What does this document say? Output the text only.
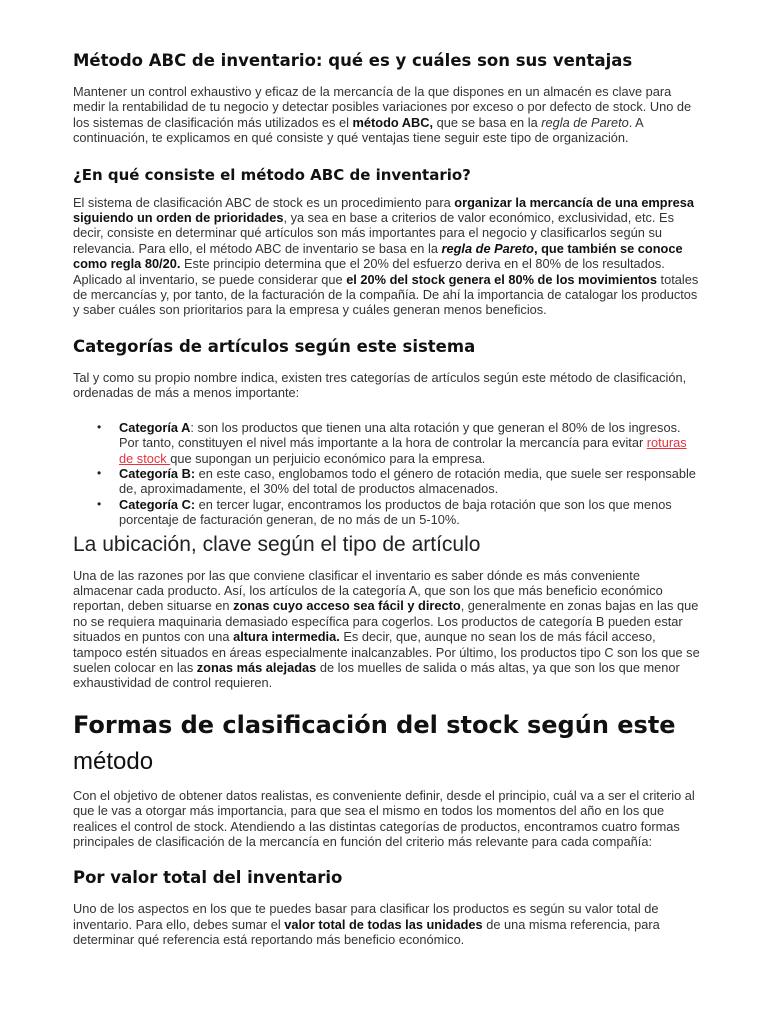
Método ABC de inventario: qué es y cuáles son sus ventajas

Mantener un control exhaustivo y eficaz de la mercancía de la que dispones en un almacén es clave para medir la rentabilidad de tu negocio y detectar posibles variaciones por exceso o por defecto de stock. Uno de los sistemas de clasificación más utilizados es el método ABC, que se basa en la regla de Pareto. A continuación, te explicamos en qué consiste y qué ventajas tiene seguir este tipo de organización.

¿En qué consiste el método ABC de inventario?

El sistema de clasificación ABC de stock es un procedimiento para organizar la mercancía de una empresa siguiendo un orden de prioridades, ya sea en base a criterios de valor económico, exclusividad, etc. Es decir, consiste en determinar qué artículos son más importantes para el negocio y clasificarlos según su relevancia. Para ello, el método ABC de inventario se basa en la regla de Pareto, que también se conoce como regla 80/20. Este principio determina que el 20% del esfuerzo deriva en el 80% de los resultados. Aplicado al inventario, se puede considerar que el 20% del stock genera el 80% de los movimientos totales de mercancías y, por tanto, de la facturación de la compañía. De ahí la importancia de catalogar los productos y saber cuáles son prioritarios para la empresa y cuáles generan menos beneficios.

Categorías de artículos según este sistema

Tal y como su propio nombre indica, existen tres categorías de artículos según este método de clasificación, ordenadas de más a menos importante:

• Categoría A: son los productos que tienen una alta rotación y que generan el 80% de los ingresos. Por tanto, constituyen el nivel más importante a la hora de controlar la mercancía para evitar roturas de stock que supongan un perjuicio económico para la empresa.
• Categoría B: en este caso, englobamos todo el género de rotación media, que suele ser responsable de, aproximadamente, el 30% del total de productos almacenados.
• Categoría C: en tercer lugar, encontramos los productos de baja rotación que son los que menos porcentaje de facturación generan, de no más de un 5-10%.
La ubicación, clave según el tipo de artículo

Una de las razones por las que conviene clasificar el inventario es saber dónde es más conveniente almacenar cada producto. Así, los artículos de la categoría A, que son los que más beneficio económico reportan, deben situarse en zonas cuyo acceso sea fácil y directo, generalmente en zonas bajas en las que no se requiera maquinaria demasiado específica para cogerlos. Los productos de categoría B pueden estar situados en puntos con una altura intermedia. Es decir, que, aunque no sean los de más fácil acceso, tampoco estén situados en áreas especialmente inalcanzables. Por último, los productos tipo C son los que se suelen colocar en las zonas más alejadas de los muelles de salida o más altas, ya que son los que menor exhaustividad de control requieren.

Formas de clasificación del stock según este método

Con el objetivo de obtener datos realistas, es conveniente definir, desde el principio, cuál va a ser el criterio al que le vas a otorgar más importancia, para que sea el mismo en todos los momentos del año en los que realices el control de stock. Atendiendo a las distintas categorías de productos, encontramos cuatro formas principales de clasificación de la mercancía en función del criterio más relevante para cada compañía:

Por valor total del inventario

Uno de los aspectos en los que te puedes basar para clasificar los productos es según su valor total de inventario. Para ello, debes sumar el valor total de todas las unidades de una misma referencia, para determinar qué referencia está reportando más beneficio económico.
